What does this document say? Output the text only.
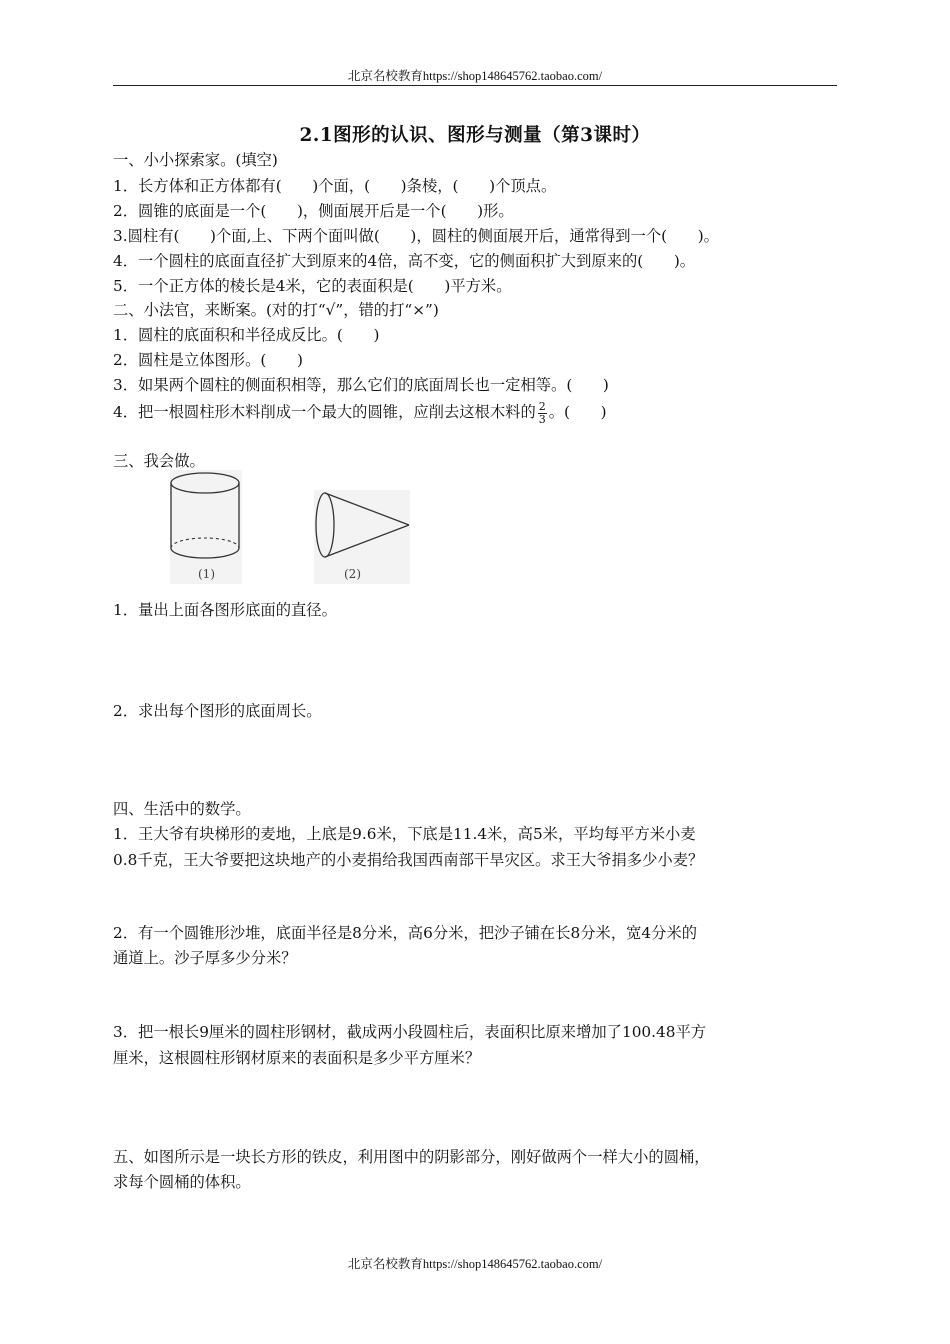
北京名校教育https://shop148645762.taobao.com/
2.1图形的认识、图形与测量（第3课时）
一、小小探索家。(填空)
1．长方体和正方体都有(　　)个面，(　　)条棱，(　　)个顶点。
2．圆锥的底面是一个(　　)，侧面展开后是一个(　　)形。
3.圆柱有(　　)个面,上、下两个面叫做(　　)，圆柱的侧面展开后，通常得到一个(　　)。
4．一个圆柱的底面直径扩大到原来的4倍，高不变，它的侧面积扩大到原来的(　　)。
5．一个正方体的棱长是4米，它的表面积是(　　)平方米。
二、小法官，来断案。(对的打“√”，错的打“×”)
1．圆柱的底面积和半径成反比。(　　)
2．圆柱是立体图形。(　　)
3．如果两个圆柱的侧面积相等，那么它们的底面周长也一定相等。(　　)
4．把一根圆柱形木料削成一个最大的圆锥，应削去这根木料的 $\frac{2}{3}$ 。(　　)
三、我会做。
(1)	(2)
1．量出上面各图形底面的直径。
2．求出每个图形的底面周长。
四、生活中的数学。
1．王大爷有块梯形的麦地，上底是9.6米，下底是11.4米，高5米，平均每平方米小麦
0.8千克，王大爷要把这块地产的小麦捐给我国西南部干旱灾区。求王大爷捐多少小麦？
2．有一个圆锥形沙堆，底面半径是8分米，高6分米，把沙子铺在长8分米，宽4分米的
通道上。沙子厚多少分米？
3．把一根长9厘米的圆柱形钢材，截成两小段圆柱后，表面积比原来增加了100.48平方
厘米，这根圆柱形钢材原来的表面积是多少平方厘米？
五、如图所示是一块长方形的铁皮，利用图中的阴影部分，刚好做两个一样大小的圆桶，
求每个圆桶的体积。
北京名校教育https://shop148645762.taobao.com/
